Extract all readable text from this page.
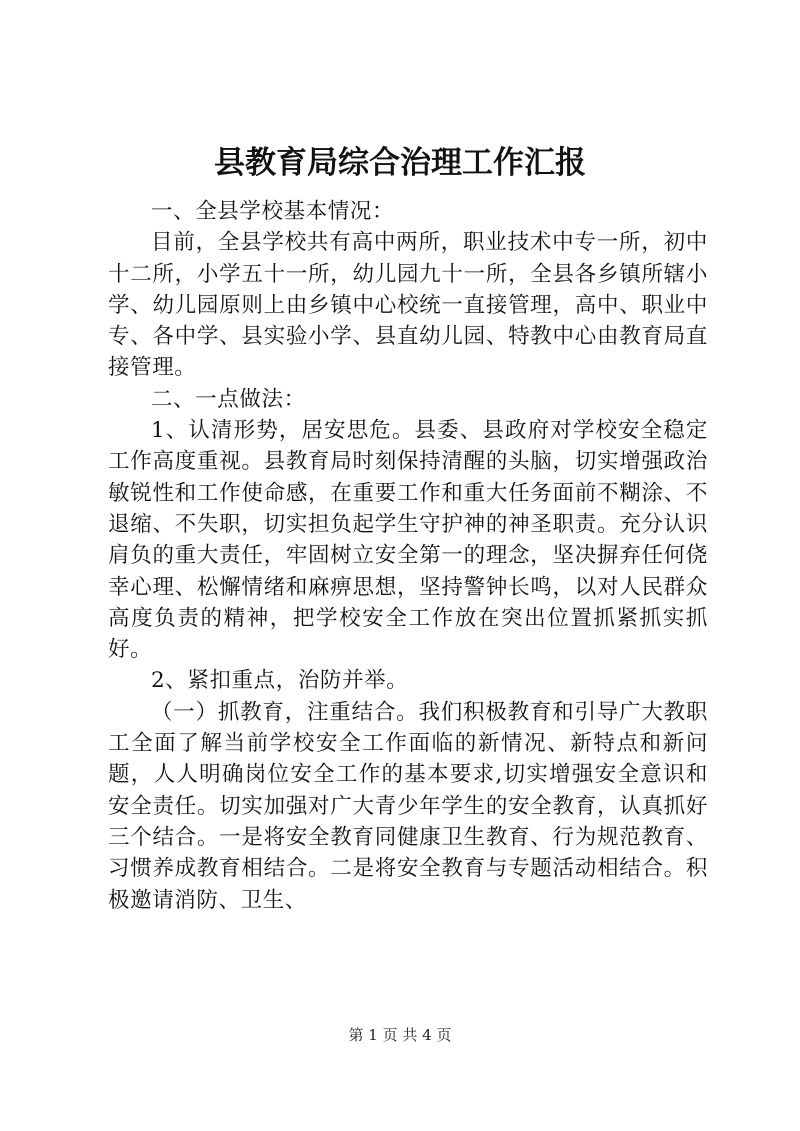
县教育局综合治理工作汇报

一、全县学校基本情况：

目前，全县学校共有高中两所，职业技术中专一所，初中十二所，小学五十一所，幼儿园九十一所，全县各乡镇所辖小学、幼儿园原则上由乡镇中心校统一直接管理，高中、职业中专、各中学、县实验小学、县直幼儿园、特教中心由教育局直接管理。

二、一点做法：

1、认清形势，居安思危。县委、县政府对学校安全稳定工作高度重视。县教育局时刻保持清醒的头脑，切实增强政治敏锐性和工作使命感，在重要工作和重大任务面前不糊涂、不退缩、不失职，切实担负起学生守护神的神圣职责。充分认识肩负的重大责任，牢固树立安全第一的理念，坚决摒弃任何侥幸心理、松懈情绪和麻痹思想，坚持警钟长鸣，以对人民群众高度负责的精神，把学校安全工作放在突出位置抓紧抓实抓好。

2、紧扣重点，治防并举。

（一）抓教育，注重结合。我们积极教育和引导广大教职工全面了解当前学校安全工作面临的新情况、新特点和新问题，人人明确岗位安全工作的基本要求,切实增强安全意识和安全责任。切实加强对广大青少年学生的安全教育，认真抓好三个结合。一是将安全教育同健康卫生教育、行为规范教育、习惯养成教育相结合。二是将安全教育与专题活动相结合。积极邀请消防、卫生、

第 1 页 共 4 页
